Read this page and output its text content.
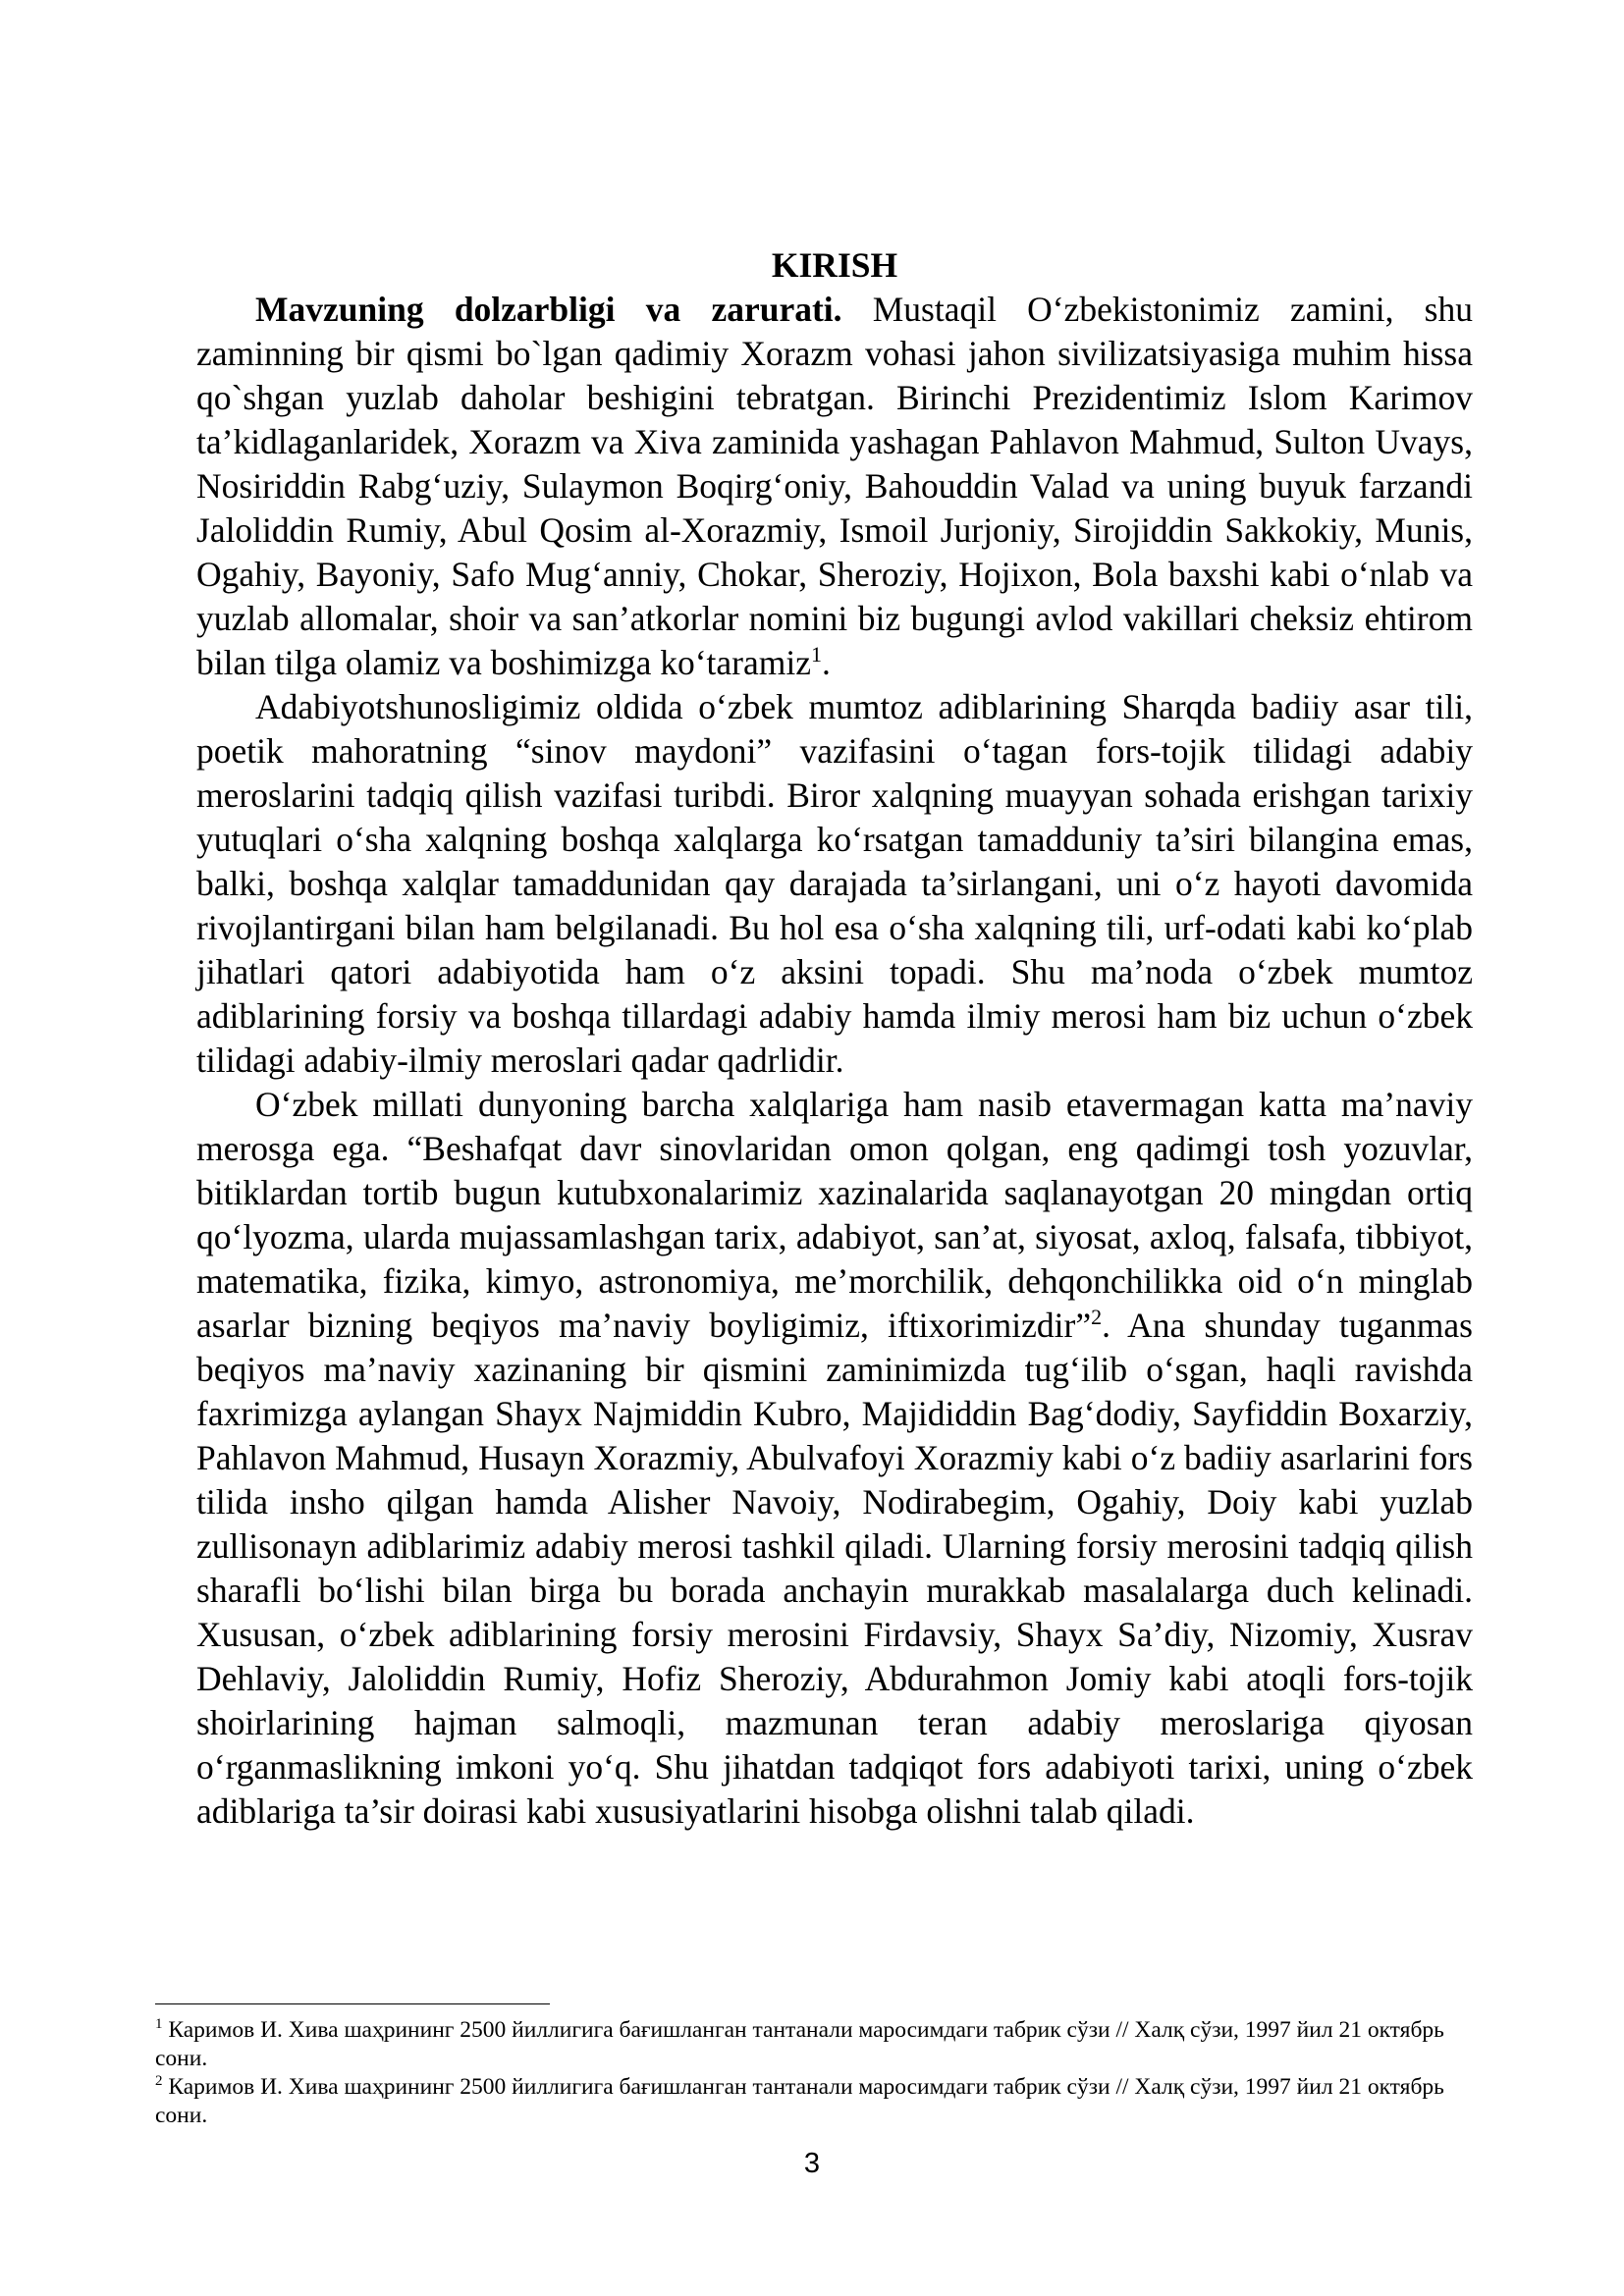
KIRISH

Mavzuning dolzarbligi va zarurati. Mustaqil O‘zbekistonimiz zamini, shu zaminning bir qismi bo`lgan qadimiy Xorazm vohasi jahon sivilizatsiyasiga muhim hissa qo`shgan yuzlab daholar beshigini tebratgan. Birinchi Prezidentimiz Islom Karimov ta’kidlaganlaridek, Xorazm va Xiva zaminida yashagan Pahlavon Mahmud, Sulton Uvays, Nosiriddin Rabg‘uziy, Sulaymon Boqirg‘oniy, Bahouddin Valad va uning buyuk farzandi Jaloliddin Rumiy, Abul Qosim al-Xorazmiy, Ismoil Jurjoniy, Sirojiddin Sakkokiy, Munis, Ogahiy, Bayoniy, Safo Mug‘anniy, Chokar, Sheroziy, Hojixon, Bola baxshi kabi o‘nlab va yuzlab allomalar, shoir va san’atkorlar nomini biz bugungi avlod vakillari cheksiz ehtirom bilan tilga olamiz va boshimizga ko‘taramiz$^1$.

Adabiyotshunosligimiz oldida o‘zbek mumtoz adiblarining Sharqda badiiy asar tili, poetik mahoratning “sinov maydoni” vazifasini o‘tagan fors-tojik tilidagi adabiy meroslarini tadqiq qilish vazifasi turibdi. Biror xalqning muayyan sohada erishgan tarixiy yutuqlari o‘sha xalqning boshqa xalqlarga ko‘rsatgan tamadduniy ta’siri bilangina emas, balki, boshqa xalqlar tamaddunidan qay darajada ta’sirlangani, uni o‘z hayoti davomida rivojlantirgani bilan ham belgilanadi. Bu hol esa o‘sha xalqning tili, urf-odati kabi ko‘plab jihatlari qatori adabiyotida ham o‘z aksini topadi. Shu ma’noda o‘zbek mumtoz adiblarining forsiy va boshqa tillardagi adabiy hamda ilmiy merosi ham biz uchun o‘zbek tilidagi adabiy-ilmiy meroslari qadar qadrlidir.

O‘zbek millati dunyoning barcha xalqlariga ham nasib etavermagan katta ma’naviy merosga ega. “Beshafqat davr sinovlaridan omon qolgan, eng qadimgi tosh yozuvlar, bitiklardan tortib bugun kutubxonalarimiz xazinalarida saqlanayotgan 20 mingdan ortiq qo‘lyozma, ularda mujassamlashgan tarix, adabiyot, san’at, siyosat, axloq, falsafa, tibbiyot, matematika, fizika, kimyo, astronomiya, me’morchilik, dehqonchilikka oid o‘n minglab asarlar bizning beqiyos ma’naviy boyligimiz, iftixorimizdir”$^2$. Ana shunday tuganmas beqiyos ma’naviy xazinaning bir qismini zaminimizda tug‘ilib o‘sgan, haqli ravishda faxrimizga aylangan Shayx Najmiddin Kubro, Majididdin Bag‘dodiy, Sayfiddin Boxarziy, Pahlavon Mahmud, Husayn Xorazmiy, Abulvafoyi Xorazmiy kabi o‘z badiiy asarlarini fors tilida insho qilgan hamda Alisher Navoiy, Nodirabegim, Ogahiy, Doiy kabi yuzlab zullisonayn adiblarimiz adabiy merosi tashkil qiladi. Ularning forsiy merosini tadqiq qilish sharafli bo‘lishi bilan birga bu borada anchayin murakkab masalalarga duch kelinadi. Xususan, o‘zbek adiblarining forsiy merosini Firdavsiy, Shayx Sa’diy, Nizomiy, Xusrav Dehlaviy, Jaloliddin Rumiy, Hofiz Sheroziy, Abdurahmon Jomiy kabi atoqli fors-tojik shoirlarining hajman salmoqli, mazmunan teran adabiy meroslariga qiyosan o‘rganmaslikning imkoni yo‘q. Shu jihatdan tadqiqot fors adabiyoti tarixi, uning o‘zbek adiblariga ta’sir doirasi kabi xususiyatlarini hisobga olishni talab qiladi.

$^1$ Каримов И. Хива шаҳрининг 2500 йиллигига бағишланган тантанали маросимдаги табрик сўзи // Халқ сўзи, 1997 йил 21 октябрь сони.

$^2$ Каримов И. Хива шаҳрининг 2500 йиллигига бағишланган тантанали маросимдаги табрик сўзи // Халқ сўзи, 1997 йил 21 октябрь сони.

3
